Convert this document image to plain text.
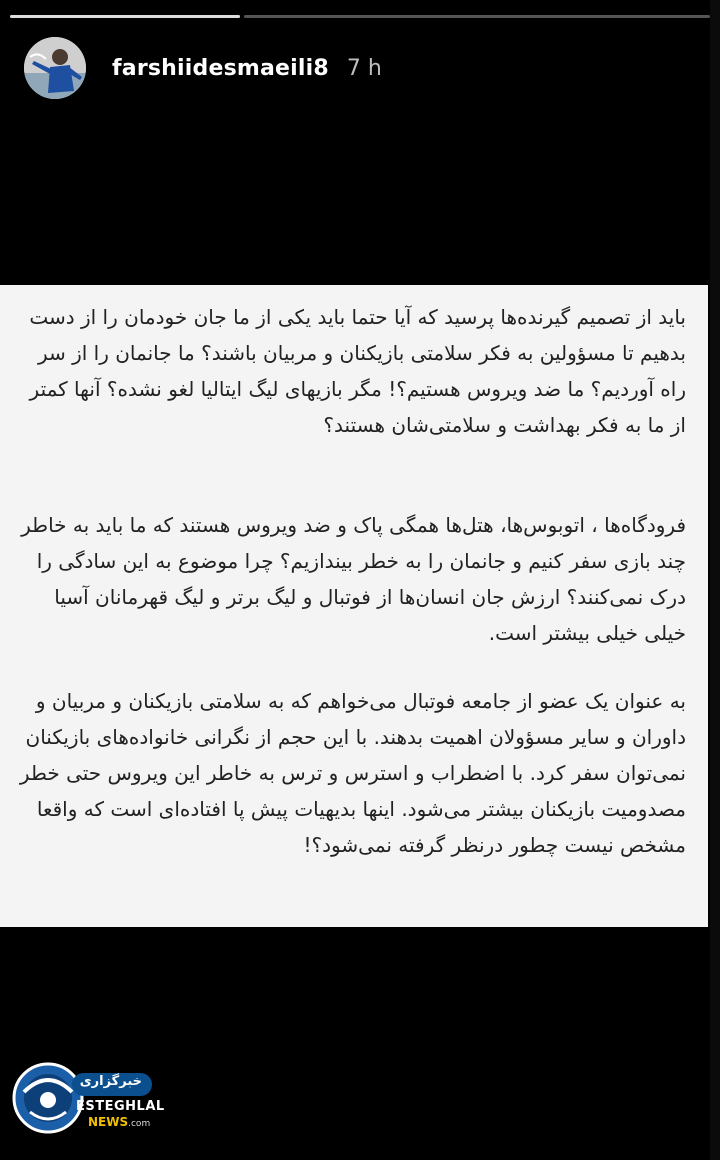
farshiidesmaeili8 7 h
باید از تصمیم گیرنده‌ها پرسید که آیا حتما باید یکی از ما جان خودمان را از دست بدهیم تا مسؤولین به فکر سلامتی بازیکنان و مربیان باشند؟ ما جانمان را از سر راه آوردیم؟ ما ضد ویروس هستیم؟! مگر بازیهای لیگ ایتالیا لغو نشده؟ آنها کمتر از ما به فکر بهداشت و سلامتی‌شان هستند؟
فرودگاه‌ها ، اتوبوس‌ها، هتل‌ها همگی پاک و ضد ویروس هستند که ما باید به خاطر چند بازی سفر کنیم و جانمان را به خطر بیندازیم؟ چرا موضوع به این سادگی را درک نمی‌کنند؟ ارزش جان انسان‌ها از فوتبال و لیگ برتر و لیگ قهرمانان آسیا خیلی خیلی بیشتر است.
به عنوان یک عضو از جامعه فوتبال می‌خواهم که به سلامتی بازیکنان و مربیان و داوران و سایر مسؤولان اهمیت بدهند. با این حجم از نگرانی خانواده‌های بازیکنان نمی‌توان سفر کرد. با اضطراب و استرس و ترس به خاطر این ویروس حتی خطر مصدومیت بازیکنان بیشتر می‌شود. اینها بدیهیات پیش پا افتاده‌ای است که واقعا مشخص نیست چطور درنظر گرفته نمی‌شود؟!
خبرگزاری
ESTEGHLAL
NEWS.com
